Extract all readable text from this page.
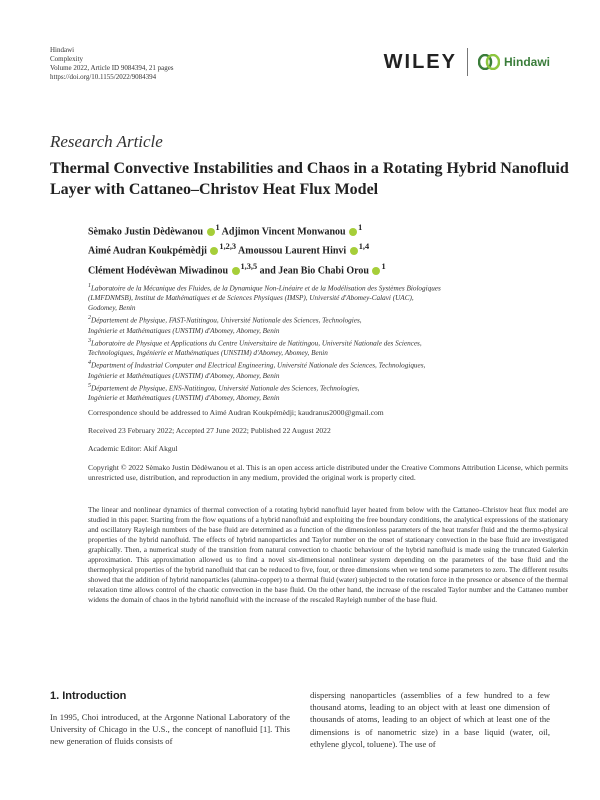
Hindawi
Complexity
Volume 2022, Article ID 9084394, 21 pages
https://doi.org/10.1155/2022/9084394
WILEY	Hindawi
Research Article
Thermal Convective Instabilities and Chaos in a Rotating Hybrid Nanofluid Layer with Cattaneo–Christov Heat Flux Model
Sèmako Justin Dèdèwanou $^1$ Adjimon Vincent Monwanou $^1$
Aimé Audran Koukpémèdji $^{1,2,3}$ Amoussou Laurent Hinvi $^{1,4}$
Clément Hodévèwan Miwadinou $^{1,3,5}$ and Jean Bio Chabi Orou $^1$
$^1$Laboratoire de la Mécanique des Fluides, de la Dynamique Non-Linéaire et de la Modélisation des Systèmes Biologiques
(LMFDNMSB), Institut de Mathématiques et de Sciences Physiques (IMSP), Université d'Abomey-Calavi (UAC),
Godomey, Benin
$^2$Département de Physique, FAST-Natitingou, Université Nationale des Sciences, Technologies,
Ingénierie et Mathématiques (UNSTIM) d'Abomey, Abomey, Benin
$^3$Laboratoire de Physique et Applications du Centre Universitaire de Natitingou, Université Nationale des Sciences,
Technologiques, Ingénierie et Mathématiques (UNSTIM) d'Abomey, Abomey, Benin
$^4$Department of Industrial Computer and Electrical Engineering, Université Nationale des Sciences, Technologiques,
Ingénierie et Mathématiques (UNSTIM) d'Abomey, Abomey, Benin
$^5$Département de Physique, ENS-Natitingou, Université Nationale des Sciences, Technologies,
Ingénierie et Mathématiques (UNSTIM) d'Abomey, Abomey, Benin
Correspondence should be addressed to Aimé Audran Koukpémèdji; kaudranus2000@gmail.com
Received 23 February 2022; Accepted 27 June 2022; Published 22 August 2022
Academic Editor: Akif Akgul
Copyright © 2022 Sèmako Justin Dèdèwanou et al. This is an open access article distributed under the Creative Commons Attribution License, which permits unrestricted use, distribution, and reproduction in any medium, provided the original work is properly cited.
The linear and nonlinear dynamics of thermal convection of a rotating hybrid nanofluid layer heated from below with the Cattaneo–Christov heat flux model are studied in this paper. Starting from the flow equations of a hybrid nanofluid and exploiting the free boundary conditions, the analytical expressions of the stationary and oscillatory Rayleigh numbers of the base fluid are determined as a function of the dimensionless parameters of the heat transfer fluid and the thermo-physical properties of the hybrid nanofluid. The effects of hybrid nanoparticles and Taylor number on the onset of stationary convection in the base fluid are investigated graphically. Then, a numerical study of the transition from natural convection to chaotic behaviour of the hybrid nanofluid is made using the truncated Galerkin approximation. This approximation allowed us to find a novel six-dimensional nonlinear system depending on the parameters of the base fluid and the thermophysical properties of the hybrid nanofluid that can be reduced to five, four, or three dimensions when we tend some parameters to zero. The different results showed that the addition of hybrid nanoparticles (alumina-copper) to a thermal fluid (water) subjected to the rotation force in the presence or absence of the thermal relaxation time allows control of the chaotic convection in the base fluid. On the other hand, the increase of the rescaled Taylor number and the Cattaneo number widens the domain of chaos in the hybrid nanofluid with the increase of the rescaled Rayleigh number of the base fluid.
1. Introduction
In 1995, Choi introduced, at the Argonne National Laboratory of the University of Chicago in the U.S., the concept of nanofluid [1]. This new generation of fluids consists of
dispersing nanoparticles (assemblies of a few hundred to a few thousand atoms, leading to an object with at least one dimension of thousands of atoms, leading to an object of which at least one of the dimensions is of nanometric size) in a base liquid (water, oil, ethylene glycol, toluene). The use of
